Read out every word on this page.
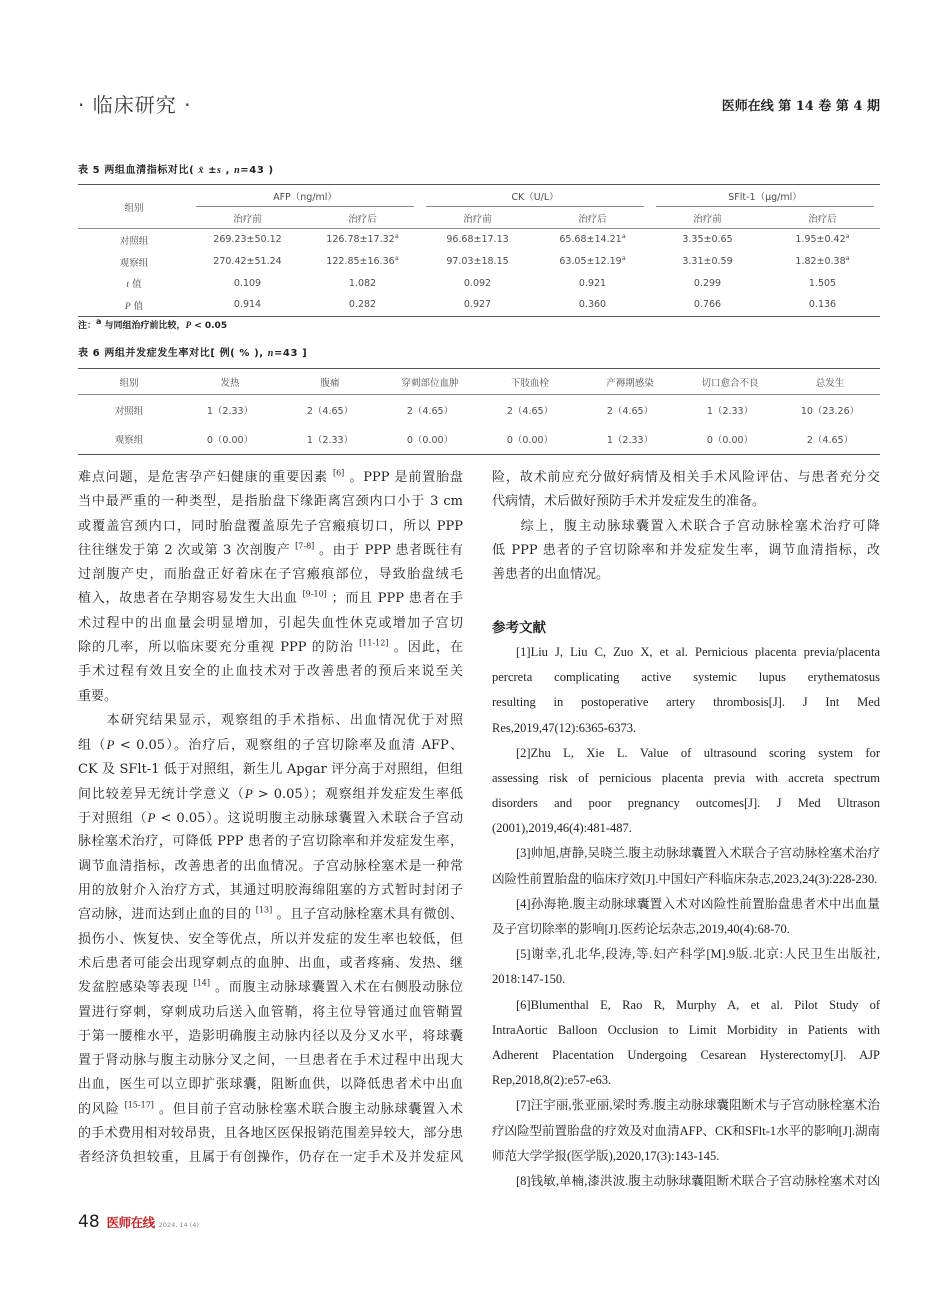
· 临床研究 ·	医师在线 第 14 卷 第 4 期
表 5 两组血清指标对比( x̄ ±s , n=43 )
组别	AFP（ng/ml）		CK（U/L）		SFlt-1（μg/ml）	
	治疗前	治疗后	治疗前	治疗后	治疗前	治疗后
对照组	269.23±50.12	126.78±17.32$^a$	96.68±17.13	65.68±14.21$^a$	3.35±0.65	1.95±0.42$^a$
观察组	270.42±51.24	122.85±16.36$^a$	97.03±18.15	63.05±12.19$^a$	3.31±0.59	1.82±0.38$^a$
t 值	0.109	1.082	0.092	0.921	0.299	1.505
P 值	0.914	0.282	0.927	0.360	0.766	0.136
注：$^a$ 与同组治疗前比较，P < 0.05
表 6 两组并发症发生率对比[ 例( % ), n=43 ]
组别	发热	腹痛	穿刺部位血肿	下肢血栓	产褥期感染	切口愈合不良	总发生
对照组	1（2.33）	2（4.65）	2（4.65）	2（4.65）	2（4.65）	1（2.33）	10（23.26）
观察组	0（0.00）	1（2.33）	0（0.00）	0（0.00）	1（2.33）	0（0.00）	2（4.65）
难点问题，是危害孕产妇健康的重要因素 [6] 。PPP 是前置胎盘
当中最严重的一种类型，是指胎盘下缘距离宫颈内口小于 3 cm
或覆盖宫颈内口，同时胎盘覆盖原先子宫瘢痕切口，所以 PPP
往往继发于第 2 次或第 3 次剖腹产 [7-8] 。由于 PPP 患者既往有
过剖腹产史，而胎盘正好着床在子宫瘢痕部位，导致胎盘绒毛
植入，故患者在孕期容易发生大出血 [9-10] ；而且 PPP 患者在手
术过程中的出血量会明显增加，引起失血性休克或增加子宫切
除的几率，所以临床要充分重视 PPP 的防治 [11-12] 。因此，在
手术过程有效且安全的止血技术对于改善患者的预后来说至关
重要。
本研究结果显示，观察组的手术指标、出血情况优于对照
组（P < 0.05）。治疗后，观察组的子宫切除率及血清 AFP、
CK 及 SFlt-1 低于对照组，新生儿 Apgar 评分高于对照组，但组
间比较差异无统计学意义（P > 0.05）；观察组并发症发生率低
于对照组（P < 0.05）。这说明腹主动脉球囊置入术联合子宫动
脉栓塞术治疗，可降低 PPP 患者的子宫切除率和并发症发生率，
调节血清指标，改善患者的出血情况。子宫动脉栓塞术是一种常
用的放射介入治疗方式，其通过明胶海绵阻塞的方式暂时封闭子
宫动脉，进而达到止血的目的 [13] 。且子宫动脉栓塞术具有微创、
损伤小、恢复快、安全等优点，所以并发症的发生率也较低，但
术后患者可能会出现穿刺点的血肿、出血，或者疼痛、发热、继
发盆腔感染等表现 [14] 。而腹主动脉球囊置入术在右侧股动脉位
置进行穿刺，穿刺成功后送入血管鞘，将主位导管通过血管鞘置
于第一腰椎水平，造影明确腹主动脉内径以及分叉水平，将球囊
置于肾动脉与腹主动脉分叉之间，一旦患者在手术过程中出现大
出血，医生可以立即扩张球囊，阻断血供，以降低患者术中出血
的风险 [15-17] 。但目前子宫动脉栓塞术联合腹主动脉球囊置入术
的手术费用相对较昂贵，且各地区医保报销范围差异较大，部分患
者经济负担较重，且属于有创操作，仍存在一定手术及并发症风
险，故术前应充分做好病情及相关手术风险评估、与患者充分交
代病情，术后做好预防手术并发症发生的准备。
综上，腹主动脉球囊置入术联合子宫动脉栓塞术治疗可降
低 PPP 患者的子宫切除率和并发症发生率，调节血清指标，改
善患者的出血情况。
参考文献
[1]Liu J, Liu C, Zuo X, et al. Pernicious placenta previa/placenta
percreta complicating active systemic lupus erythematosus
resulting in postoperative artery thrombosis[J]. J Int Med
Res,2019,47(12):6365-6373.
[2]Zhu L, Xie L. Value of ultrasound scoring system for
assessing risk of pernicious placenta previa with accreta spectrum
disorders and poor pregnancy outcomes[J]. J Med Ultrason
(2001),2019,46(4):481-487.
[3]帅旭,唐静,吴晓兰.腹主动脉球囊置入术联合子宫动脉栓塞术治疗
凶险性前置胎盘的临床疗效[J].中国妇产科临床杂志,2023,24(3):228-230.
[4]孙海艳.腹主动脉球囊置入术对凶险性前置胎盘患者术中出血量
及子宫切除率的影响[J].医药论坛杂志,2019,40(4):68-70.
[5]谢幸,孔北华,段涛,等.妇产科学[M].9版.北京:人民卫生出版社,
2018:147-150.
[6]Blumenthal E, Rao R, Murphy A, et al. Pilot Study of
IntraAortic Balloon Occlusion to Limit Morbidity in Patients with
Adherent Placentation Undergoing Cesarean Hysterectomy[J]. AJP
Rep,2018,8(2):e57-e63.
[7]汪宇丽,张亚丽,梁时秀.腹主动脉球囊阻断术与子宫动脉栓塞术治
疗凶险型前置胎盘的疗效及对血清AFP、CK和SFlt-1水平的影响[J].湖南
师范大学学报(医学版),2020,17(3):143-145.
[8]钱敏,单楠,漆洪波.腹主动脉球囊阻断术联合子宫动脉栓塞术对凶
48 医师在线 2024, 14 (4)
